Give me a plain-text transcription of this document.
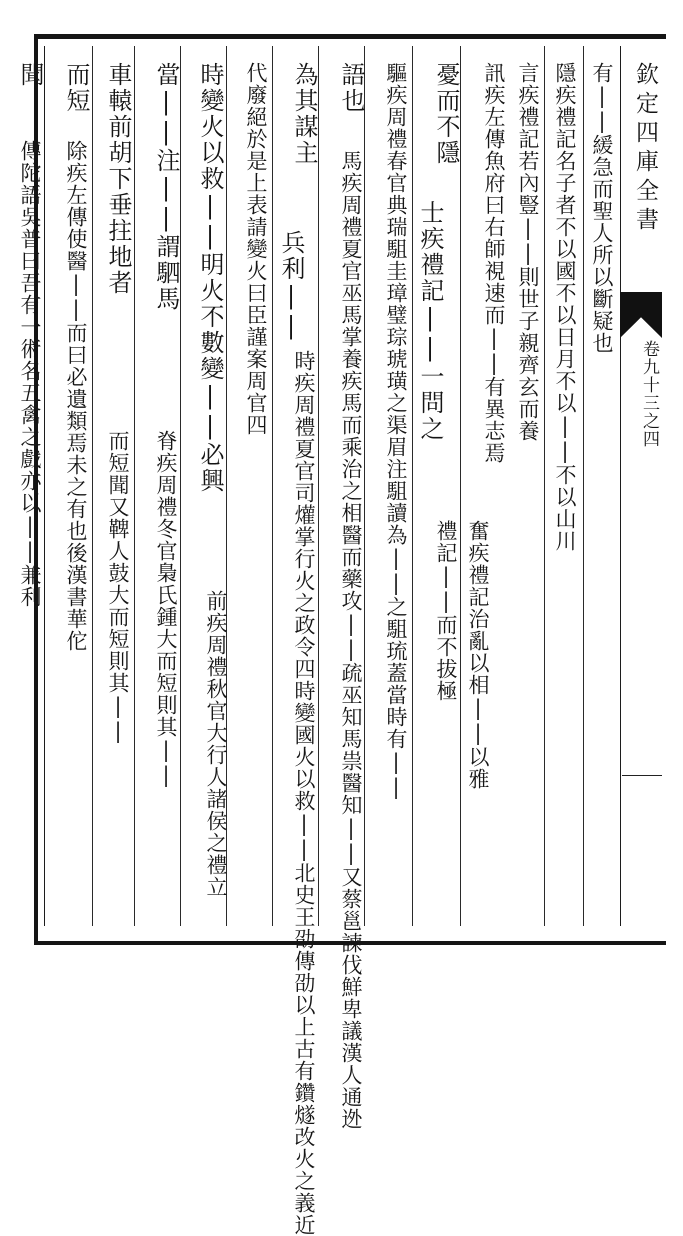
欽定四庫全書
卷九十三之四
有||緩急而聖人所以斷疑也
隱疾禮記名子者不以國不以日月不以||不以山川
言疾禮記若內豎||則世子親齊玄而養
訊疾左傳魚府曰右師視速而||有異志焉
奮疾禮記治亂以相||以雅
禮記||而不拔極
憂而不隱
士疾禮記||一問之
驅疾周禮春官典瑞駔圭璋璧琮琥璜之渠眉注駔讀為||之駔琉蓋當時有||
語也
馬疾周禮夏官巫馬掌養疾馬而乘治之相醫而藥攻||疏巫知馬祟醫知||又蔡邕諫伐鮮卑議漢人通迯
為其謀主
兵利||
時疾周禮夏官司爟掌行火之政令四時變國火以救||北史王劭傳劭以上古有鑽燧改火之義近
代廢絕於是上表請變火曰臣謹案周官四
時變火以救||明火不數變||必興
前疾周禮秋官大行人諸侯之禮立
當||注||謂駟馬
脊疾周禮冬官梟氏鍾大而短則其||
車轅前胡下垂拄地者
而短聞又鞞人鼓大而短則其||
而短
除疾左傳使醫||而曰必遺類焉未之有也後漢書華佗
聞
傳陀語吳普曰吾有一術名五禽之戲亦以||兼利
